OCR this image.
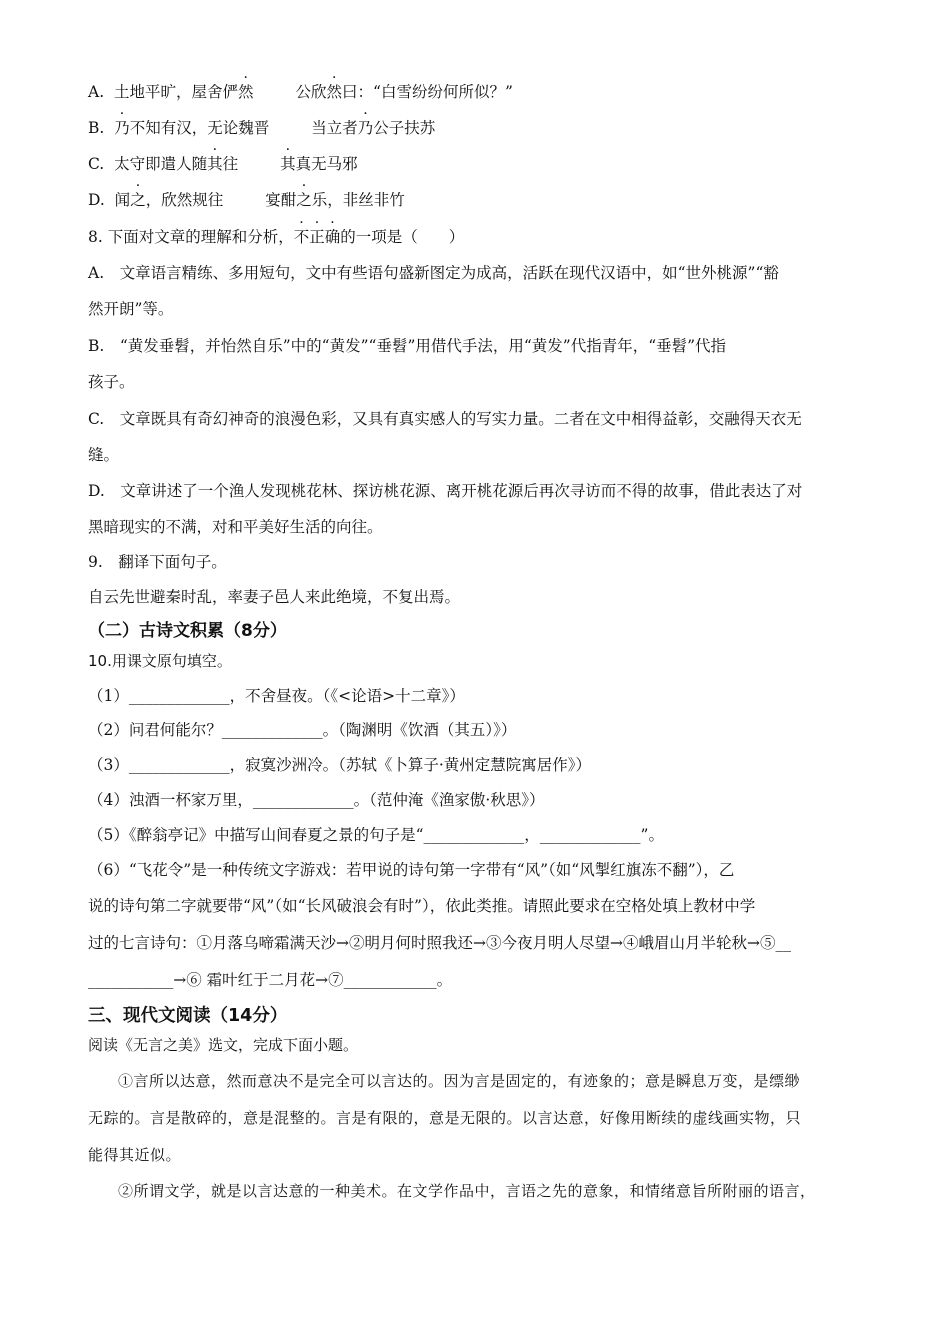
A. 土地平旷，屋舍俨然	公欣然曰：“白雪纷纷何所似？”
B. 乃不知有汉，无论魏晋	当立者乃公子扶苏
C. 太守即遣人随其往	其真无马邪
D. 闻之，欣然规往	宴酣之乐，非丝非竹
8. 下面对文章的理解和分析，不正确的一项是（　　）
A.　文章语言精练、多用短句，文中有些语句盛新图定为成高，活跃在现代汉语中，如“世外桃源”“豁
然开朗”等。
B.　“黄发垂髫，并怡然自乐”中的“黄发”“垂髫”用借代手法，用“黄发”代指青年，“垂髫”代指
孩子。
C.　文章既具有奇幻神奇的浪漫色彩，又具有真实感人的写实力量。二者在文中相得益彰，交融得天衣无
缝。
D.　文章讲述了一个渔人发现桃花林、探访桃花源、离开桃花源后再次寻访而不得的故事，借此表达了对
黑暗现实的不满，对和平美好生活的向往。
9.　翻译下面句子。
自云先世避秦时乱，率妻子邑人来此绝境，不复出焉。
（二）古诗文积累（8分）
10.用课文原句填空。
（1）_____________，不舍昼夜。（《<论语>十二章》）
（2）问君何能尔？_____________。（陶渊明《饮酒（其五）》）
（3）_____________，寂寞沙洲冷。（苏轼《卜算子·黄州定慧院寓居作》）
（4）浊酒一杯家万里，_____________。（范仲淹《渔家傲·秋思》）
（5）《醉翁亭记》中描写山间春夏之景的句子是“_____________，_____________”。
（6）“飞花令”是一种传统文字游戏：若甲说的诗句第一字带有“风”（如“风掣红旗冻不翻”），乙
说的诗句第二字就要带“风”（如“长风破浪会有时”），依此类推。请照此要求在空格处填上教材中学
过的七言诗句：①月落乌啼霜满天沙→②明月何时照我还→③今夜月明人尽望→④峨眉山月半轮秋→⑤__
___________→⑥ 霜叶红于二月花→⑦____________。
三、现代文阅读（14分）
阅读《无言之美》选文，完成下面小题。
①言所以达意，然而意决不是完全可以言达的。因为言是固定的，有迹象的；意是瞬息万变，是缥缈
无踪的。言是散碎的，意是混整的。言是有限的，意是无限的。以言达意，好像用断续的虚线画实物，只
能得其近似。
②所谓文学，就是以言达意的一种美术。在文学作品中，言语之先的意象，和情绪意旨所附丽的语言，
